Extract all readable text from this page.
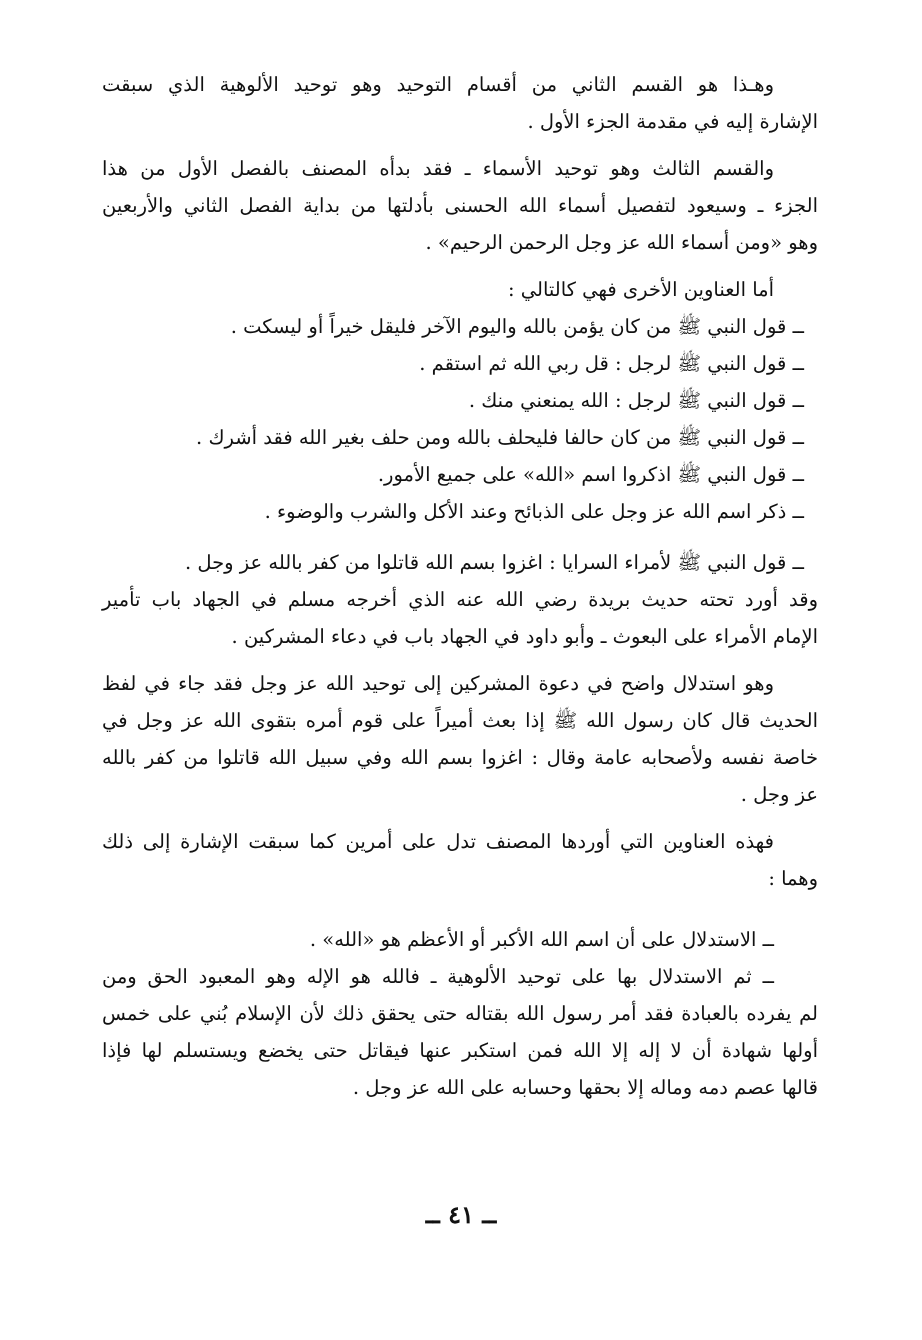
وهـذا هو القسم الثاني من أقسام التوحيد وهو توحيد الألوهية الذي سبقت
الإشارة إليه في مقدمة الجزء الأول .
والقسم الثالث وهو توحيد الأسماء ـ فقد بدأه المصنف بالفصل الأول من هذا
الجزء ـ وسيعود لتفصيل أسماء الله الحسنى بأدلتها من بداية الفصل الثاني والأربعين
وهو «ومن أسماء الله عز وجل الرحمن الرحيم» .
أما العناوين الأخرى فهي كالتالي :
ــ قول النبي ﷺ من كان يؤمن بالله واليوم الآخر فليقل خيراً أو ليسكت .
ــ قول النبي ﷺ لرجل : قل ربي الله ثم استقم .
ــ قول النبي ﷺ لرجل : الله يمنعني منك .
ــ قول النبي ﷺ من كان حالفا فليحلف بالله ومن حلف بغير الله فقد أشرك .
ــ قول النبي ﷺ اذكروا اسم «الله» على جميع الأمور.
ــ ذكر اسم الله عز وجل على الذبائح وعند الأكل والشرب والوضوء .
ــ قول النبي ﷺ لأمراء السرايا : اغزوا بسم الله قاتلوا من كفر بالله عز وجل .
وقد أورد تحته حديث بريدة رضي الله عنه الذي أخرجه مسلم في الجهاد باب تأمير
الإمام الأمراء على البعوث ـ وأبو داود في الجهاد باب في دعاء المشركين .
وهو استدلال واضح في دعوة المشركين إلى توحيد الله عز وجل فقد جاء في لفظ
الحديث قال كان رسول الله ﷺ إذا بعث أميراً على قوم أمره بتقوى الله عز وجل في
خاصة نفسه ولأصحابه عامة وقال : اغزوا بسم الله وفي سبيل الله قاتلوا من كفر بالله
عز وجل .
فهذه العناوين التي أوردها المصنف تدل على أمرين كما سبقت الإشارة إلى ذلك
وهما :
ــ الاستدلال على أن اسم الله الأكبر أو الأعظم هو «الله» .
ــ ثم الاستدلال بها على توحيد الألوهية ـ فالله هو الإله وهو المعبود الحق ومن
لم يفرده بالعبادة فقد أمر رسول الله بقتاله حتى يحقق ذلك لأن الإسلام بُني على خمس
أولها شهادة أن لا إله إلا الله فمن استكبر عنها فيقاتل حتى يخضع ويستسلم لها فإذا
قالها عصم دمه وماله إلا بحقها وحسابه على الله عز وجل .
ــ ٤١ ــ
